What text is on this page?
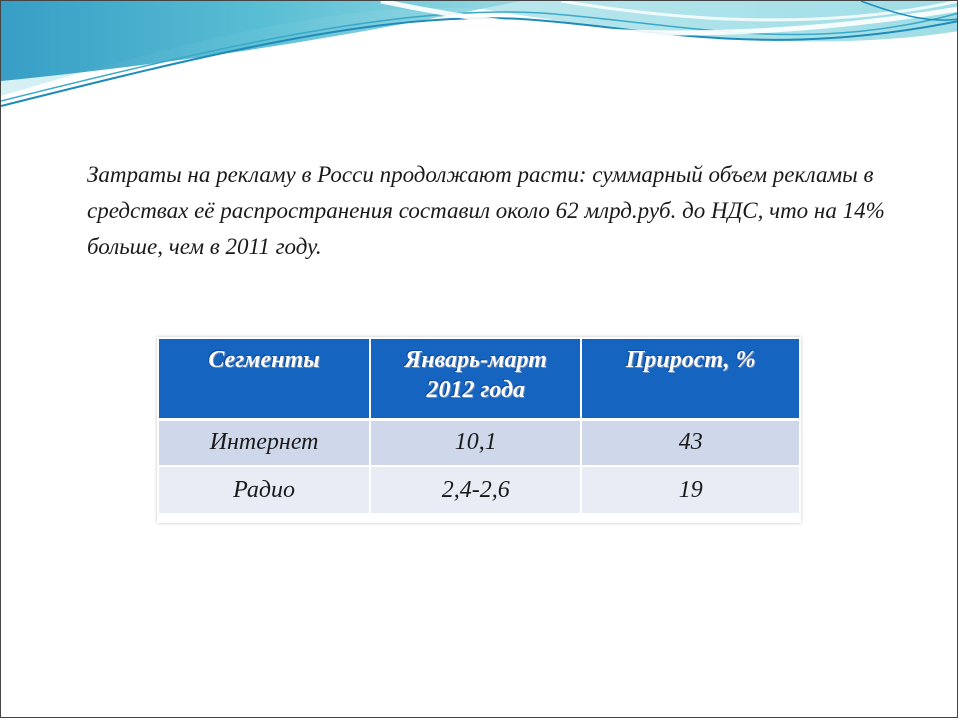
Затраты на рекламу в Росси продолжают расти: суммарный объем рекламы в средствах её распространения составил около 62 млрд.руб. до НДС, что на 14% больше, чем в 2011 году.

Сегменты	Январь-март 2012 года	Прирост, %
Интернет	10,1	43
Радио	2,4-2,6	19
